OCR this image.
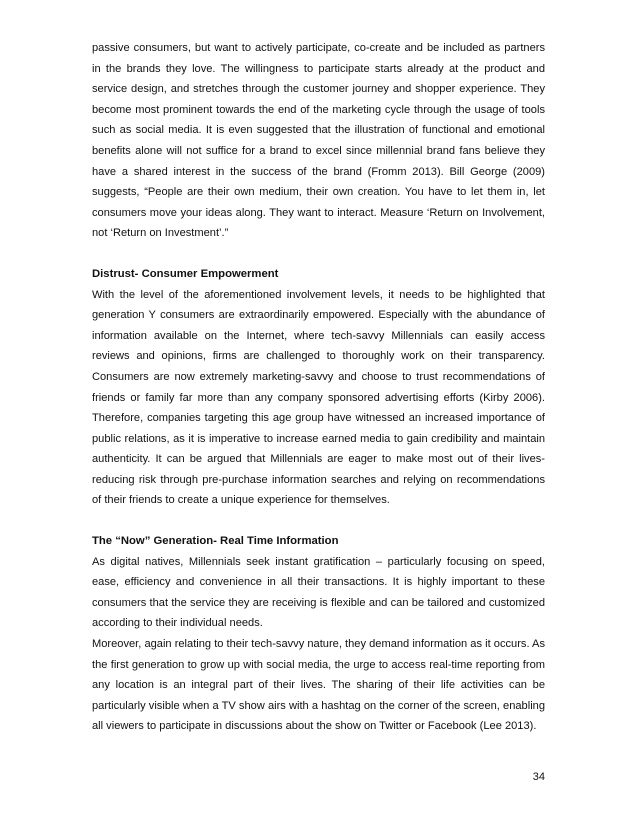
passive consumers, but want to actively participate, co-create and be included as partners in the brands they love. The willingness to participate starts already at the product and service design, and stretches through the customer journey and shopper experience. They become most prominent towards the end of the marketing cycle through the usage of tools such as social media. It is even suggested that the illustration of functional and emotional benefits alone will not suffice for a brand to excel since millennial brand fans believe they have a shared interest in the success of the brand (Fromm 2013). Bill George (2009) suggests, “People are their own medium, their own creation. You have to let them in, let consumers move your ideas along. They want to interact. Measure ‘Return on Involvement, not ‘Return on Investment’.”

Distrust- Consumer Empowerment

With the level of the aforementioned involvement levels, it needs to be highlighted that generation Y consumers are extraordinarily empowered. Especially with the abundance of information available on the Internet, where tech-savvy Millennials can easily access reviews and opinions, firms are challenged to thoroughly work on their transparency. Consumers are now extremely marketing-savvy and choose to trust recommendations of friends or family far more than any company sponsored advertising efforts (Kirby 2006). Therefore, companies targeting this age group have witnessed an increased importance of public relations, as it is imperative to increase earned media to gain credibility and maintain authenticity. It can be argued that Millennials are eager to make most out of their lives- reducing risk through pre-purchase information searches and relying on recommendations of their friends to create a unique experience for themselves.

The “Now” Generation- Real Time Information

As digital natives, Millennials seek instant gratification – particularly focusing on speed, ease, efficiency and convenience in all their transactions. It is highly important to these consumers that the service they are receiving is flexible and can be tailored and customized according to their individual needs.

Moreover, again relating to their tech-savvy nature, they demand information as it occurs. As the first generation to grow up with social media, the urge to access real-time reporting from any location is an integral part of their lives. The sharing of their life activities can be particularly visible when a TV show airs with a hashtag on the corner of the screen, enabling all viewers to participate in discussions about the show on Twitter or Facebook (Lee 2013).

34
